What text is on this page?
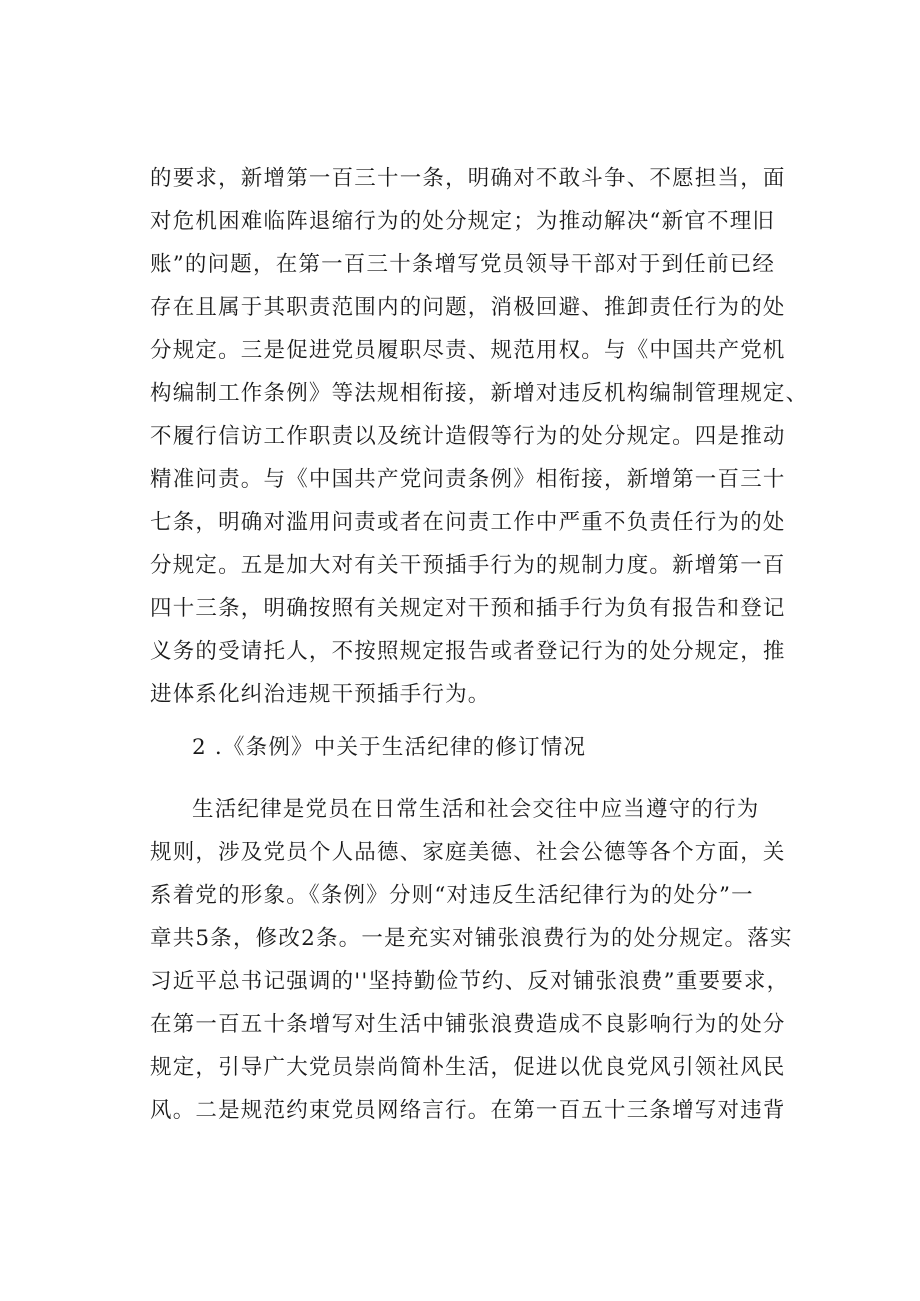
的要求，新增第一百三十一条，明确对不敢斗争、不愿担当，面
对危机困难临阵退缩行为的处分规定；为推动解决“新官不理旧
账”的问题，在第一百三十条增写党员领导干部对于到任前已经
存在且属于其职责范围内的问题，消极回避、推卸责任行为的处
分规定。三是促进党员履职尽责、规范用权。与《中国共产党机
构编制工作条例》等法规相衔接，新增对违反机构编制管理规定、
不履行信访工作职责以及统计造假等行为的处分规定。四是推动
精准问责。与《中国共产党问责条例》相衔接，新增第一百三十
七条，明确对滥用问责或者在问责工作中严重不负责任行为的处
分规定。五是加大对有关干预插手行为的规制力度。新增第一百
四十三条，明确按照有关规定对干预和插手行为负有报告和登记
义务的受请托人，不按照规定报告或者登记行为的处分规定，推
进体系化纠治违规干预插手行为。
2 .《条例》中关于生活纪律的修订情况
生活纪律是党员在日常生活和社会交往中应当遵守的行为
规则，涉及党员个人品德、家庭美德、社会公德等各个方面，关
系着党的形象。《条例》分则“对违反生活纪律行为的处分”一
章共5条，修改2条。一是充实对铺张浪费行为的处分规定。落实
习近平总书记强调的''坚持勤俭节约、反对铺张浪费”重要要求，
在第一百五十条增写对生活中铺张浪费造成不良影响行为的处分
规定，引导广大党员崇尚简朴生活，促进以优良党风引领社风民
风。二是规范约束党员网络言行。在第一百五十三条增写对违背
